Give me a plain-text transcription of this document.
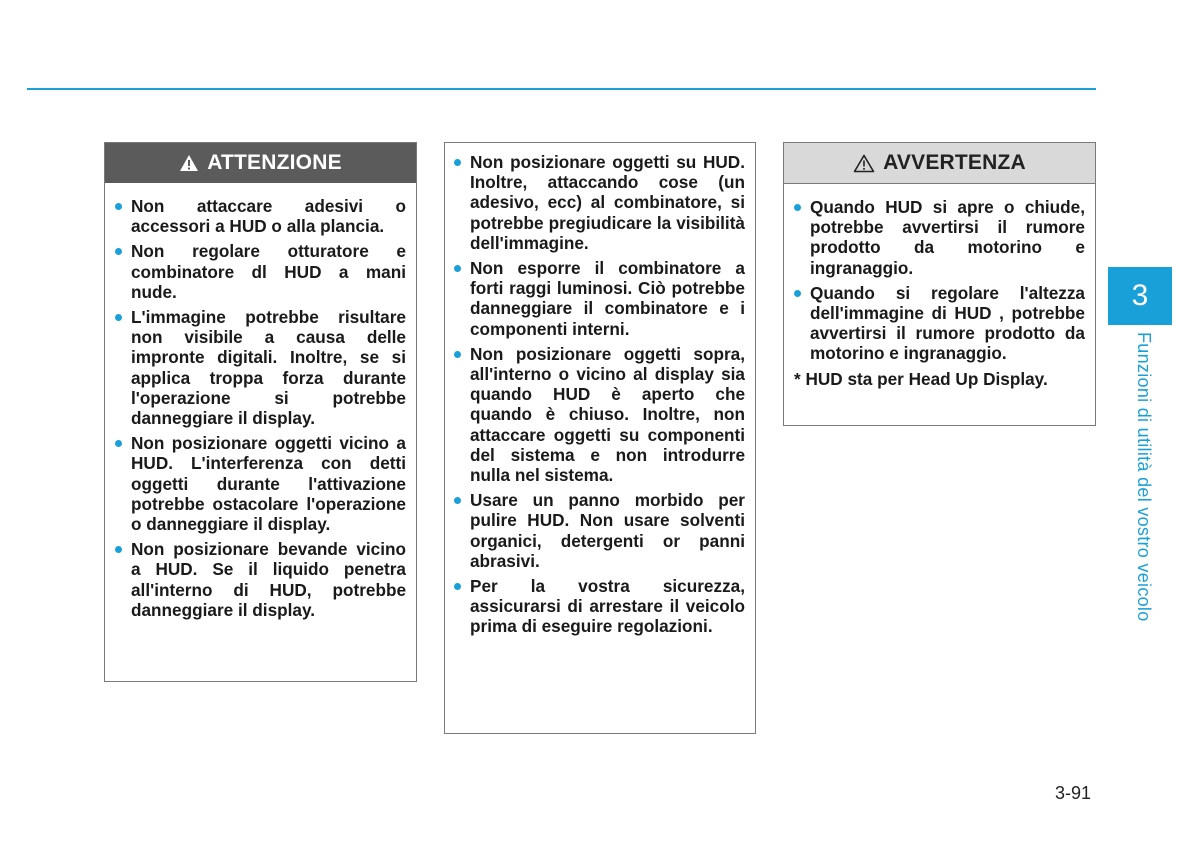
ATTENZIONE
Non attaccare adesivi o accessori a HUD o alla plancia.
Non regolare otturatore e combinatore dl HUD a mani nude.
L'immagine potrebbe risultare non visibile a causa delle impronte digitali. Inoltre, se si applica troppa forza durante l'operazione si potrebbe danneggiare il display.
Non posizionare oggetti vicino a HUD. L'interferenza con detti oggetti durante l'attivazione potrebbe ostacolare l'operazione o danneggiare il display.
Non posizionare bevande vicino a HUD. Se il liquido penetra all'interno di HUD, potrebbe danneggiare il display.
Non posizionare oggetti su HUD. Inoltre, attaccando cose (un adesivo, ecc) al combinatore, si potrebbe pregiudicare la visibilità dell'immagine.
Non esporre il combinatore a forti raggi luminosi. Ciò potrebbe danneggiare il combinatore e i componenti interni.
Non posizionare oggetti sopra, all'interno o vicino al display sia quando HUD è aperto che quando è chiuso. Inoltre, non attaccare oggetti su componenti del sistema e non introdurre nulla nel sistema.
Usare un panno morbido per pulire HUD. Non usare solventi organici, detergenti or panni abrasivi.
Per la vostra sicurezza, assicurarsi di arrestare il veicolo prima di eseguire regolazioni.
AVVERTENZA
Quando HUD si apre o chiude, potrebbe avvertirsi il rumore prodotto da motorino e ingranaggio.
Quando si regolare l'altezza dell'immagine di HUD , potrebbe avvertirsi il rumore prodotto da motorino e ingranaggio.
* HUD sta per Head Up Display.
3
Funzioni di utilità del vostro veicolo
3-91
